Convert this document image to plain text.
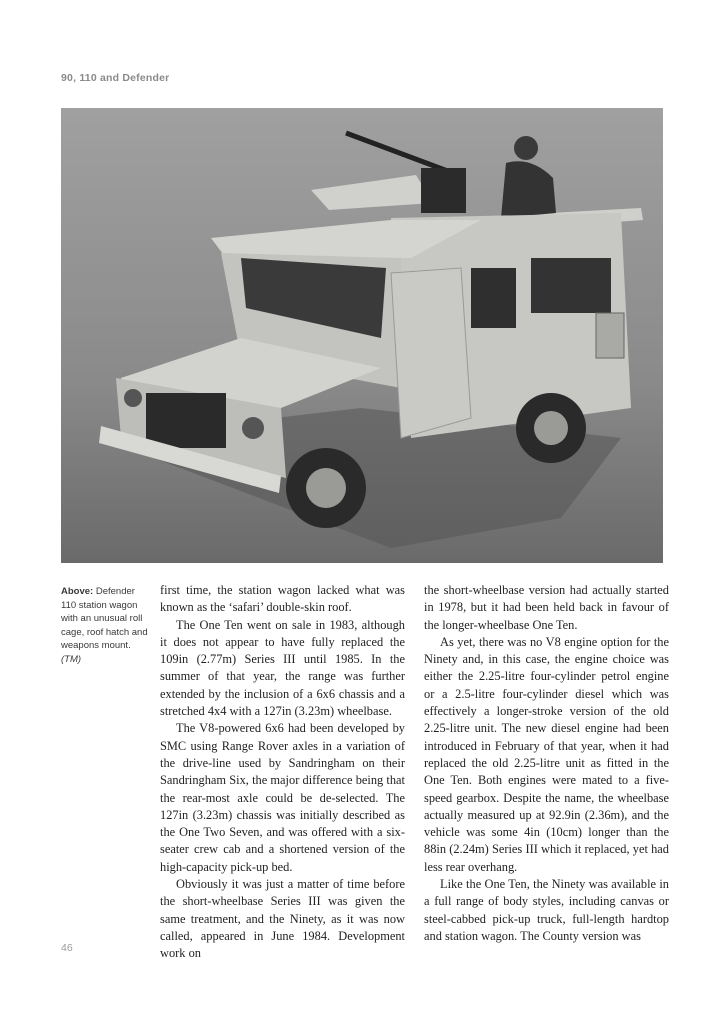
90, 110 and Defender
Above: Defender 110 station wagon with an unusual roll cage, roof hatch and weapons mount.
(TM)

first time, the station wagon lacked what was known as the ‘safari’ double-skin roof.

The One Ten went on sale in 1983, although it does not appear to have fully replaced the 109in (2.77m) Series III until 1985. In the summer of that year, the range was further extended by the inclusion of a 6x6 chassis and a stretched 4x4 with a 127in (3.23m) wheelbase.

The V8-powered 6x6 had been developed by SMC using Range Rover axles in a variation of the drive-line used by Sandringham on their Sandringham Six, the major difference being that the rear-most axle could be de-selected. The 127in (3.23m) chassis was initially described as the One Two Seven, and was offered with a six-seater crew cab and a shortened version of the high-capacity pick-up bed.

Obviously it was just a matter of time before the short-wheelbase Series III was given the same treatment, and the Ninety, as it was now called, appeared in June 1984. Development work on

the short-wheelbase version had actually started in 1978, but it had been held back in favour of the longer-wheelbase One Ten.

As yet, there was no V8 engine option for the Ninety and, in this case, the engine choice was either the 2.25-litre four-cylinder petrol engine or a 2.5-litre four-cylinder diesel which was effectively a longer-stroke version of the old 2.25-litre unit. The new diesel engine had been introduced in February of that year, when it had replaced the old 2.25-litre unit as fitted in the One Ten. Both engines were mated to a five-speed gearbox. Despite the name, the wheelbase actually measured up at 92.9in (2.36m), and the vehicle was some 4in (10cm) longer than the 88in (2.24m) Series III which it replaced, yet had less rear overhang.

Like the One Ten, the Ninety was available in a full range of body styles, including canvas or steel-cabbed pick-up truck, full-length hardtop and station wagon. The County version was

46
